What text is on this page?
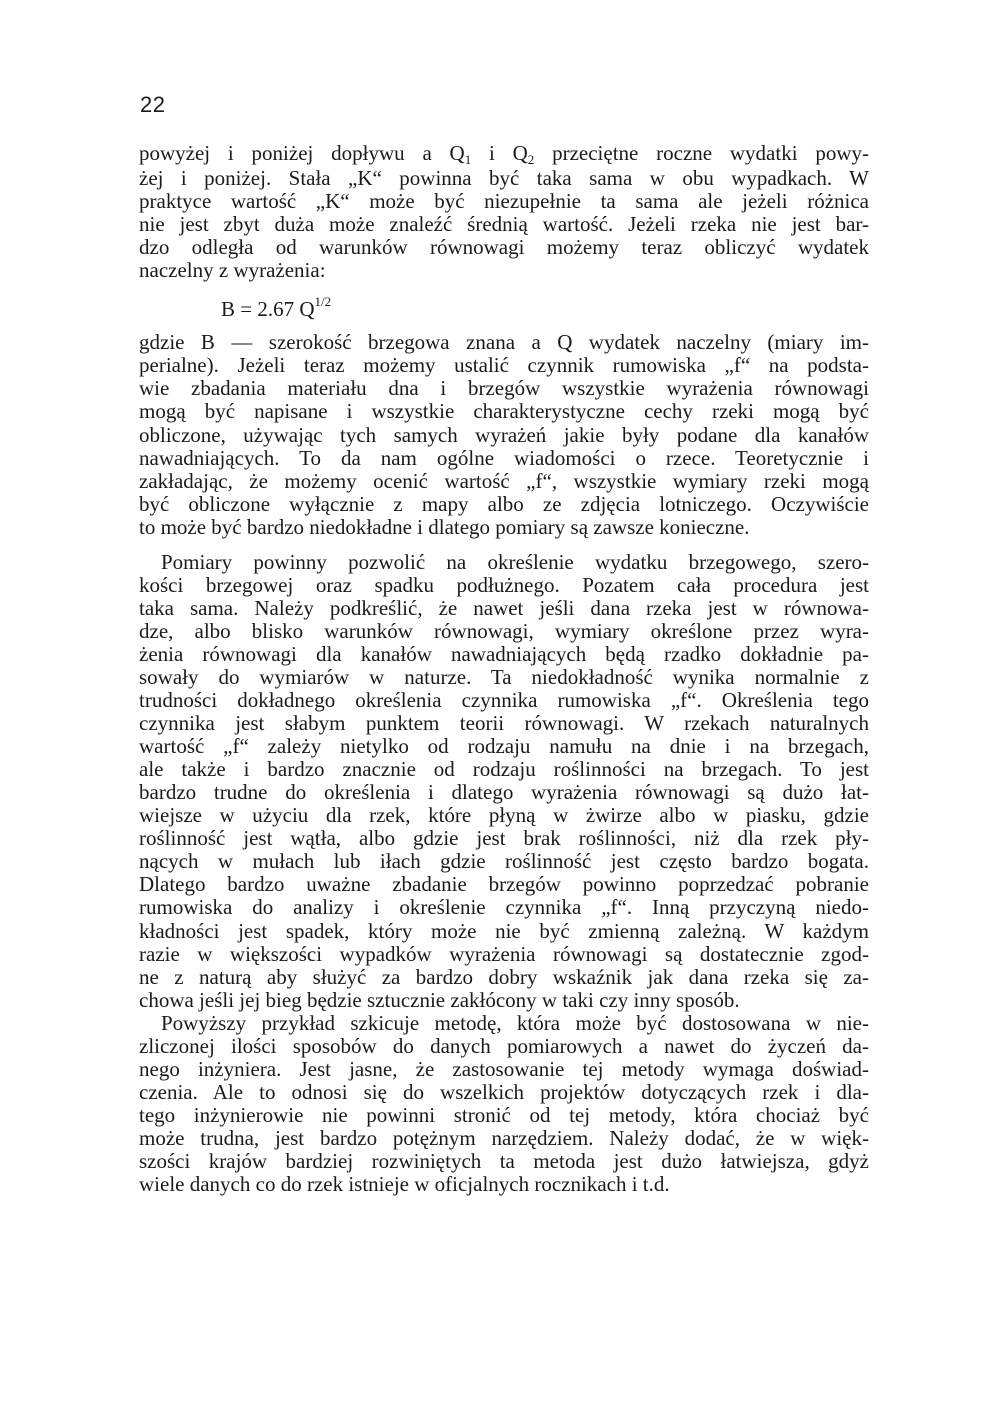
22
powyżej i poniżej dopływu a Q1 i Q2 przeciętne roczne wydatki powy-
żej i poniżej. Stała „K“ powinna być taka sama w obu wypadkach. W
praktyce wartość „K“ może być niezupełnie ta sama ale jeżeli różnica
nie jest zbyt duża może znaleźć średnią wartość. Jeżeli rzeka nie jest bar-
dzo odległa od warunków równowagi możemy teraz obliczyć wydatek
naczelny z wyrażenia:
B = 2.67 $Q^{1/2}$
gdzie B — szerokość brzegowa znana a Q wydatek naczelny (miary im-
perialne). Jeżeli teraz możemy ustalić czynnik rumowiska „f“ na podsta-
wie zbadania materiału dna i brzegów wszystkie wyrażenia równowagi
mogą być napisane i wszystkie charakterystyczne cechy rzeki mogą być
obliczone, używając tych samych wyrażeń jakie były podane dla kanałów
nawadniających. To da nam ogólne wiadomości o rzece. Teoretycznie i
zakładając, że możemy ocenić wartość „f“, wszystkie wymiary rzeki mogą
być obliczone wyłącznie z mapy albo ze zdjęcia lotniczego. Oczywiście
to może być bardzo niedokładne i dlatego pomiary są zawsze konieczne.
Pomiary powinny pozwolić na określenie wydatku brzegowego, szero-
kości brzegowej oraz spadku podłużnego. Pozatem cała procedura jest
taka sama. Należy podkreślić, że nawet jeśli dana rzeka jest w równowa-
dze, albo blisko warunków równowagi, wymiary określone przez wyra-
żenia równowagi dla kanałów nawadniających będą rzadko dokładnie pa-
sowały do wymiarów w naturze. Ta niedokładność wynika normalnie z
trudności dokładnego określenia czynnika rumowiska „f“. Określenia tego
czynnika jest słabym punktem teorii równowagi. W rzekach naturalnych
wartość „f“ zależy nietylko od rodzaju namułu na dnie i na brzegach,
ale także i bardzo znacznie od rodzaju roślinności na brzegach. To jest
bardzo trudne do określenia i dlatego wyrażenia równowagi są dużo łat-
wiejsze w użyciu dla rzek, które płyną w żwirze albo w piasku, gdzie
roślinność jest wątła, albo gdzie jest brak roślinności, niż dla rzek pły-
nących w mułach lub iłach gdzie roślinność jest często bardzo bogata.
Dlatego bardzo uważne zbadanie brzegów powinno poprzedzać pobranie
rumowiska do analizy i określenie czynnika „f“. Inną przyczyną niedo-
kładności jest spadek, który może nie być zmienną zależną. W każdym
razie w większości wypadków wyrażenia równowagi są dostatecznie zgod-
ne z naturą aby służyć za bardzo dobry wskaźnik jak dana rzeka się za-
chowa jeśli jej bieg będzie sztucznie zakłócony w taki czy inny sposób.
Powyższy przykład szkicuje metodę, która może być dostosowana w nie-
zliczonej ilości sposobów do danych pomiarowych a nawet do życzeń da-
nego inżyniera. Jest jasne, że zastosowanie tej metody wymaga doświad-
czenia. Ale to odnosi się do wszelkich projektów dotyczących rzek i dla-
tego inżynierowie nie powinni stronić od tej metody, która chociaż być
może trudna, jest bardzo potężnym narzędziem. Należy dodać, że w więk-
szości krajów bardziej rozwiniętych ta metoda jest dużo łatwiejsza, gdyż
wiele danych co do rzek istnieje w oficjalnych rocznikach i t.d.
